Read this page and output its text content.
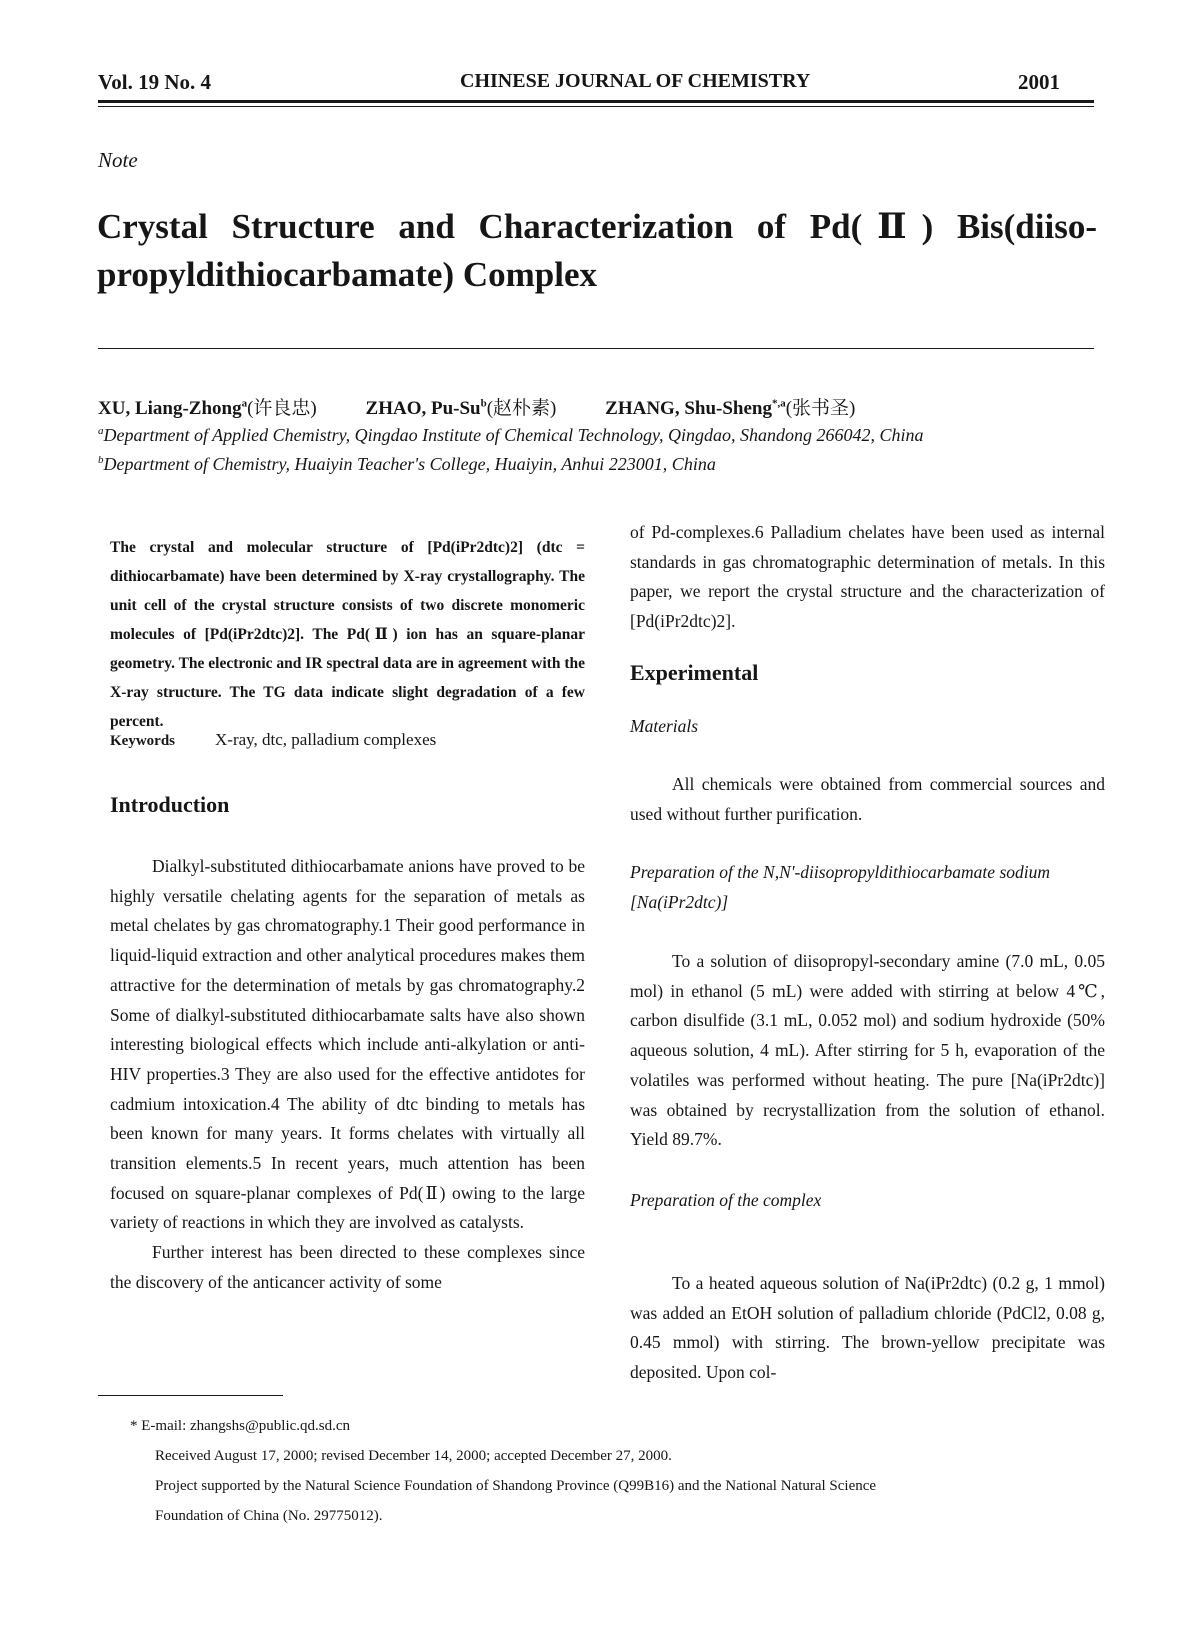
Vol. 19 No. 4	CHINESE JOURNAL OF CHEMISTRY	2001
Note
Crystal Structure and Characterization of Pd(Ⅱ) Bis(diiso-propyldithiocarbamate) Complex
XU, Liang-Zhong$^a$(许良忠)	ZHAO, Pu-Su$^b$(赵朴素)	ZHANG, Shu-Sheng$^{*,a}$(张书圣)
$^a$Department of Applied Chemistry, Qingdao Institute of Chemical Technology, Qingdao, Shandong 266042, China
$^b$Department of Chemistry, Huaiyin Teacher's College, Huaiyin, Anhui 223001, China

The crystal and molecular structure of [Pd(iPr2dtc)2] (dtc = dithiocarbamate) have been determined by X-ray crystallography. The unit cell of the crystal structure consists of two discrete monomeric molecules of [Pd(iPr2dtc)2]. The Pd(Ⅱ) ion has an square-planar geometry. The electronic and IR spectral data are in agreement with the X-ray structure. The TG data indicate slight degradation of a few percent.

Keywords X-ray, dtc, palladium complexes
Introduction

Dialkyl-substituted dithiocarbamate anions have proved to be highly versatile chelating agents for the separation of metals as metal chelates by gas chromatography.1 Their good performance in liquid-liquid extraction and other analytical procedures makes them attractive for the determination of metals by gas chromatography.2 Some of dialkyl-substituted dithiocarbamate salts have also shown interesting biological effects which include anti-alkylation or anti-HIV properties.3 They are also used for the effective antidotes for cadmium intoxication.4 The ability of dtc binding to metals has been known for many years. It forms chelates with virtually all transition elements.5 In recent years, much attention has been focused on square-planar complexes of Pd(Ⅱ) owing to the large variety of reactions in which they are involved as catalysts.

Further interest has been directed to these complexes since the discovery of the anticancer activity of some

of Pd-complexes.6 Palladium chelates have been used as internal standards in gas chromatographic determination of metals. In this paper, we report the crystal structure and the characterization of [Pd(iPr2dtc)2].

Experimental
Materials

All chemicals were obtained from commercial sources and used without further purification.

Preparation of the N,N'-diisopropyldithiocarbamate sodium [Na(iPr2dtc)]

To a solution of diisopropyl-secondary amine (7.0 mL, 0.05 mol) in ethanol (5 mL) were added with stirring at below 4℃, carbon disulfide (3.1 mL, 0.052 mol) and sodium hydroxide (50% aqueous solution, 4 mL). After stirring for 5 h, evaporation of the volatiles was performed without heating. The pure [Na(iPr2dtc)] was obtained by recrystallization from the solution of ethanol. Yield 89.7%.

Preparation of the complex

To a heated aqueous solution of Na(iPr2dtc) (0.2 g, 1 mmol) was added an EtOH solution of palladium chloride (PdCl2, 0.08 g, 0.45 mmol) with stirring. The brown-yellow precipitate was deposited. Upon col-

* E-mail: zhangshs@public.qd.sd.cn
Received August 17, 2000; revised December 14, 2000; accepted December 27, 2000.
Project supported by the Natural Science Foundation of Shandong Province (Q99B16) and the National Natural Science
Foundation of China (No. 29775012).
